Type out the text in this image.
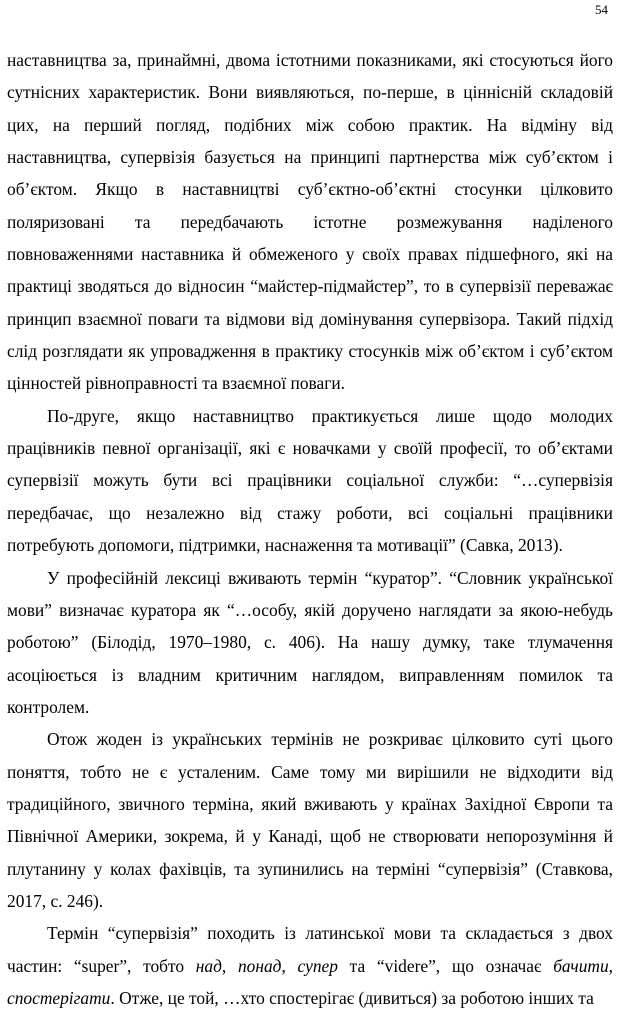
54

наставництва за, принаймні, двома істотними показниками, які стосуються його сутнісних характеристик. Вони виявляються, по-перше, в ціннісній складовій цих, на перший погляд, подібних між собою практик. На відміну від наставництва, супервізія базується на принципі партнерства між суб’єктом і об’єктом. Якщо в наставництві суб’єктно-об’єктні стосунки цілковито поляризовані та передбачають істотне розмежування наділеного повноваженнями наставника й обмеженого у своїх правах підшефного, які на практиці зводяться до відносин “майстер-підмайстер”, то в супервізії переважає принцип взаємної поваги та відмови від домінування супервізора. Такий підхід слід розглядати як упровадження в практику стосунків між об’єктом і суб’єктом цінностей рівноправності та взаємної поваги.

По-друге, якщо наставництво практикується лише щодо молодих працівників певної організації, які є новачками у своїй професії, то об’єктами супервізії можуть бути всі працівники соціальної служби: “…супервізія передбачає, що незалежно від стажу роботи, всі соціальні працівники потребують допомоги, підтримки, наснаження та мотивації” (Савка, 2013).

У професійній лексиці вживають термін “куратор”. “Словник української мови” визначає куратора як “…особу, якій доручено наглядати за якою-небудь роботою” (Білодід, 1970–1980, с. 406). На нашу думку, таке тлумачення асоціюється із владним критичним наглядом, виправленням помилок та контролем.

Отож жоден із українських термінів не розкриває цілковито суті цього поняття, тобто не є усталеним. Саме тому ми вирішили не відходити від традиційного, звичного терміна, який вживають у країнах Західної Європи та Північної Америки, зокрема, й у Канаді, щоб не створювати непорозуміння й плутанину у колах фахівців, та зупинились на терміні “супервізія” (Ставкова, 2017, с. 246).

Термін “супервізія” походить із латинської мови та складається з двох частин: “super”, тобто над, понад, супер та “videre”, що означає бачити, спостерігати. Отже, це той, …хто спостерігає (дивиться) за роботою інших та
